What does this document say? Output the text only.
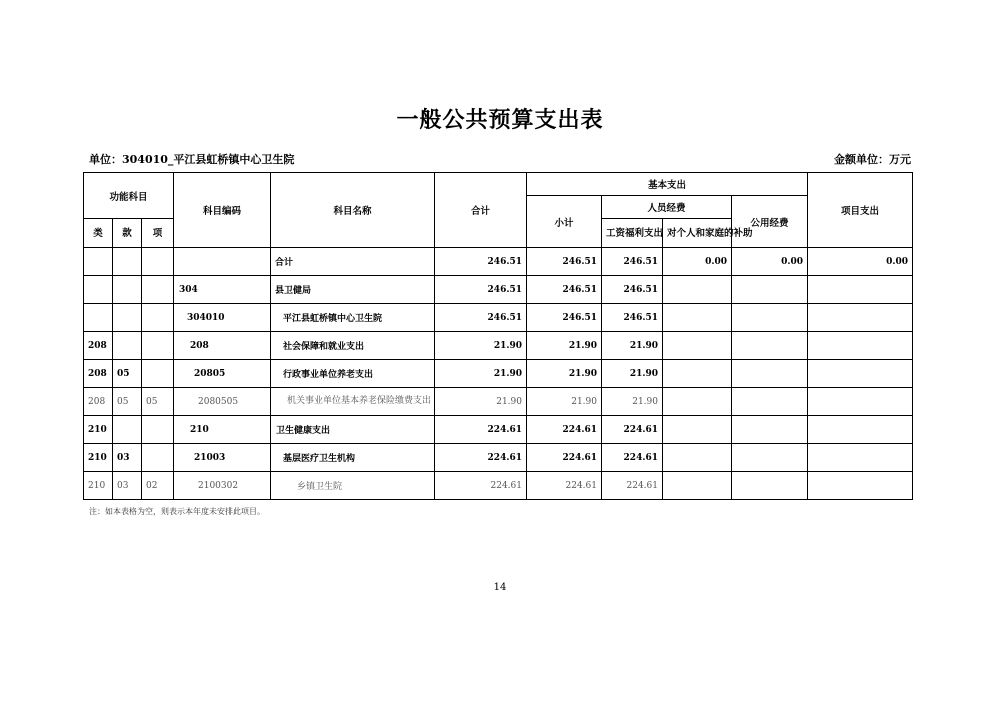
一般公共预算支出表
单位：304010_平江县虹桥镇中心卫生院	金额单位：万元
功能科目			科目编码	科目名称	合计	基本支出				项目支出
						小计	人员经费		公用经费	
类	款	项					工资福利支出	对个人和家庭的补助		

				合计	246.51	246.51	246.51	0.00	0.00	0.00
			304	县卫健局	246.51	246.51	246.51			
			304010	平江县虹桥镇中心卫生院	246.51	246.51	246.51			
208			208	社会保障和就业支出	21.90	21.90	21.90			
208	05		20805	行政事业单位养老支出	21.90	21.90	21.90			
208	05	05	2080505	机关事业单位基本养老保险缴费支出	21.90	21.90	21.90			
210			210	卫生健康支出	224.61	224.61	224.61			
210	03		21003	基层医疗卫生机构	224.61	224.61	224.61			
210	03	02	2100302	乡镇卫生院	224.61	224.61	224.61			
注：如本表格为空，则表示本年度未安排此项目。
14
